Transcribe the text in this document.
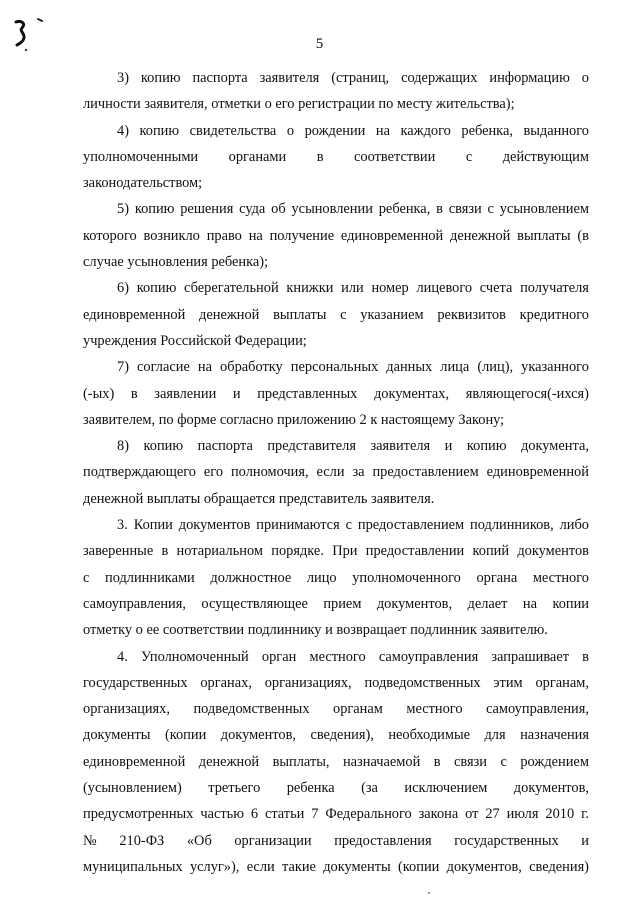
5
3) копию паспорта заявителя (страниц, содержащих информацию о
личности заявителя, отметки о его регистрации по месту жительства);
4) копию свидетельства о рождении на каждого ребенка, выданного
уполномоченными органами в соответствии с действующим
законодательством;
5) копию решения суда об усыновлении ребенка, в связи с усыновлением
которого возникло право на получение единовременной денежной выплаты (в
случае усыновления ребенка);
6) копию сберегательной книжки или номер лицевого счета получателя
единовременной денежной выплаты с указанием реквизитов кредитного
учреждения Российской Федерации;
7) согласие на обработку персональных данных лица (лиц), указанного
(-ых) в заявлении и представленных документах, являющегося(-ихся)
заявителем, по форме согласно приложению 2 к настоящему Закону;
8) копию паспорта представителя заявителя и копию документа,
подтверждающего его полномочия, если за предоставлением единовременной
денежной выплаты обращается представитель заявителя.
3. Копии документов принимаются с предоставлением подлинников, либо
заверенные в нотариальном порядке. При предоставлении копий документов
с подлинниками должностное лицо уполномоченного органа местного
самоуправления, осуществляющее прием документов, делает на копии
отметку о ее соответствии подлиннику и возвращает подлинник заявителю.
4. Уполномоченный орган местного самоуправления запрашивает в
государственных органах, организациях, подведомственных этим органам,
организациях, подведомственных органам местного самоуправления,
документы (копии документов, сведения), необходимые для назначения
единовременной денежной выплаты, назначаемой в связи с рождением
(усыновлением) третьего ребенка (за исключением документов,
предусмотренных частью 6 статьи 7 Федерального закона от 27 июля 2010 г.
№ 210-ФЗ «Об организации предоставления государственных и
муниципальных услуг»), если такие документы (копии документов, сведения)
